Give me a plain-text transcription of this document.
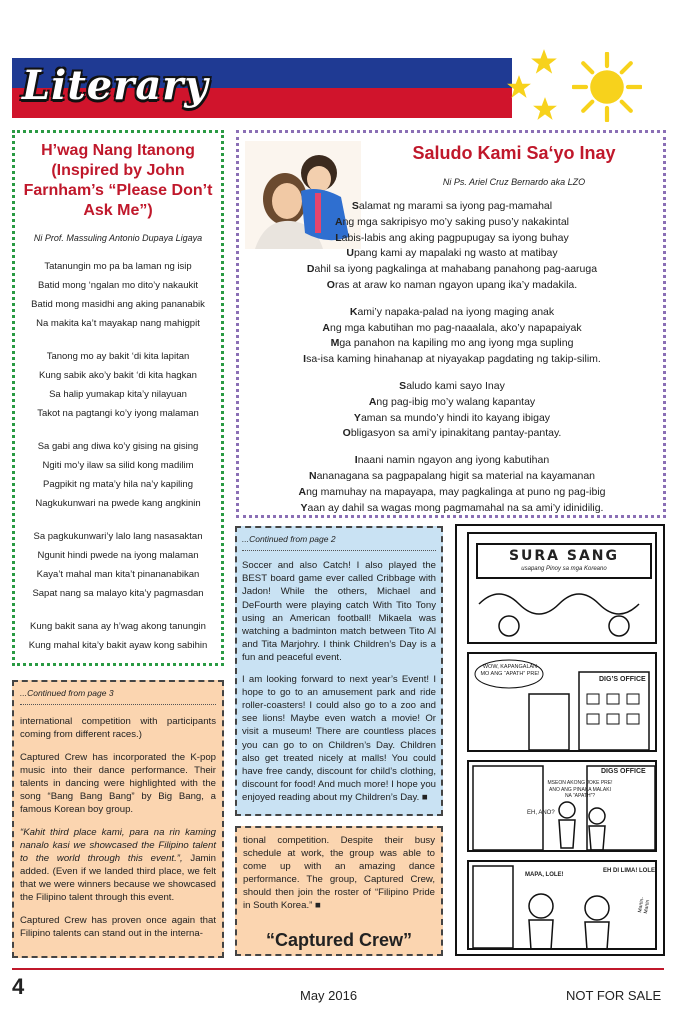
Literary
H’wag Nang Itanong (Inspired by John Farnham’s “Please Don’t Ask Me”)
Ni Prof. Massuling Antonio Dupaya Ligaya

Tatanungin mo pa ba laman ng isip

Batid mong ‘ngalan mo dito’y nakaukit

Batid mong masidhi ang aking pananabik

Na makita ka’t mayakap nang mahigpit

Tanong mo ay bakit ‘di kita lapitan

Kung sabik ako’y bakit ‘di kita hagkan

Sa halip yumakap kita’y nilayuan

Takot na pagtangi ko’y iyong malaman

Sa gabi ang diwa ko’y gising na gising

Ngiti mo’y ilaw sa silid kong madilim

Pagpikit ng mata’y hila na’y kapiling

Nagkukunwari na pwede kang angkinin

Sa pagkukunwari’y lalo lang nasasaktan

Ngunit hindi pwede na iyong malaman

Kaya’t mahal man kita’t pinananabikan

Sapat nang sa malayo kita’y pagmasdan

Kung bakit sana ay h’wag akong tanungin

Kung mahal kita’y bakit ayaw kong sabihin

Saludo Kami Sa‘yo Inay
Ni Ps. Ariel Cruz Bernardo aka LZO

Salamat ng marami sa iyong pag-mamahal

Ang mga sakripisyo mo’y saking puso’y nakakintal

Labis-labis ang aking pagpupugay sa iyong buhay

Upang kami ay mapalaki ng wasto at matibay

Dahil sa iyong pagkalinga at mahabang panahong pag-aaruga

Oras at araw ko naman ngayon upang ika’y madakila.

Kami’y napaka-palad na iyong maging anak

Ang mga kabutihan mo pag-naaalala, ako’y napapaiyak

Mga panahon na kapiling mo ang iyong mga supling

Isa-isa kaming hinahanap at niyayakap pagdating ng takip-silim.

Saludo kami sayo Inay

Ang pag-ibig mo’y walang kapantay

Yaman sa mundo’y hindi ito kayang ibigay

Obligasyon sa ami’y ipinakitang pantay-pantay.

Inaani namin ngayon ang iyong kabutihan

Nananagana sa pagpapalang higit sa material na kayamanan

Ang mamuhay na mapayapa, may pagkalinga at puno ng pag-ibig

Yaan ay dahil sa wagas mong pagmamahal na sa ami’y idinidilig.

...Continued from page 3

international competition with participants coming from different races.)

Captured Crew has incorporated the K-pop music into their dance performance. Their talents in dancing were highlighted with the song “Bang Bang Bang” by Big Bang, a famous Korean boy group.

“Kahit third place kami, para na rin kaming nanalo kasi we showcased the Filipino talent to the world through this event.”, Jamin added. (Even if we landed third place, we felt that we were winners because we showcased the Filipino talent through this event.

Captured Crew has proven once again that Filipino talents can stand out in the interna-

...Continued from page 2

Soccer and also Catch! I also played the BEST board game ever called Cribbage with Jadon! While the others, Michael and DeFourth were playing catch With Tito Tony using an American football! Mikaela was watching a badminton match between Tito Al and Tita Marjohry. I think Children’s Day is a fun and peaceful event.

I am looking forward to next year’s Event! I hope to go to an amusement park and ride roller-coasters! I could also go to a zoo and see lions! Maybe even watch a movie! Or visit a museum! There are countless places you can go to on Children’s Day. Children also get treated nicely at malls! You could have free candy, discount for child’s clothing, discount for food! And much more! I hope you enjoyed reading about my Children’s Day. ■

tional competition. Despite their busy schedule at work, the group was able to come up with an amazing dance performance. The group, Captured Crew, should then join the roster of “Filipino Pride in South Korea.” ■

“Captured Crew”
SURA SANG
usapang Pinoy sa mga Koreano
WOW, KAPANGALAN MO ANG “APATH” PRE!
DIG’S OFFICE
DIGS OFFICE
MSEON AKONG JOKE PRE! ANO ANG PINAKA MALAKI NA “APATH”?
EH, ANO?
MAPA, LOLE!
EH DI LIMA! LOLE
Martin-Martin
4	May 2016	NOT FOR SALE
